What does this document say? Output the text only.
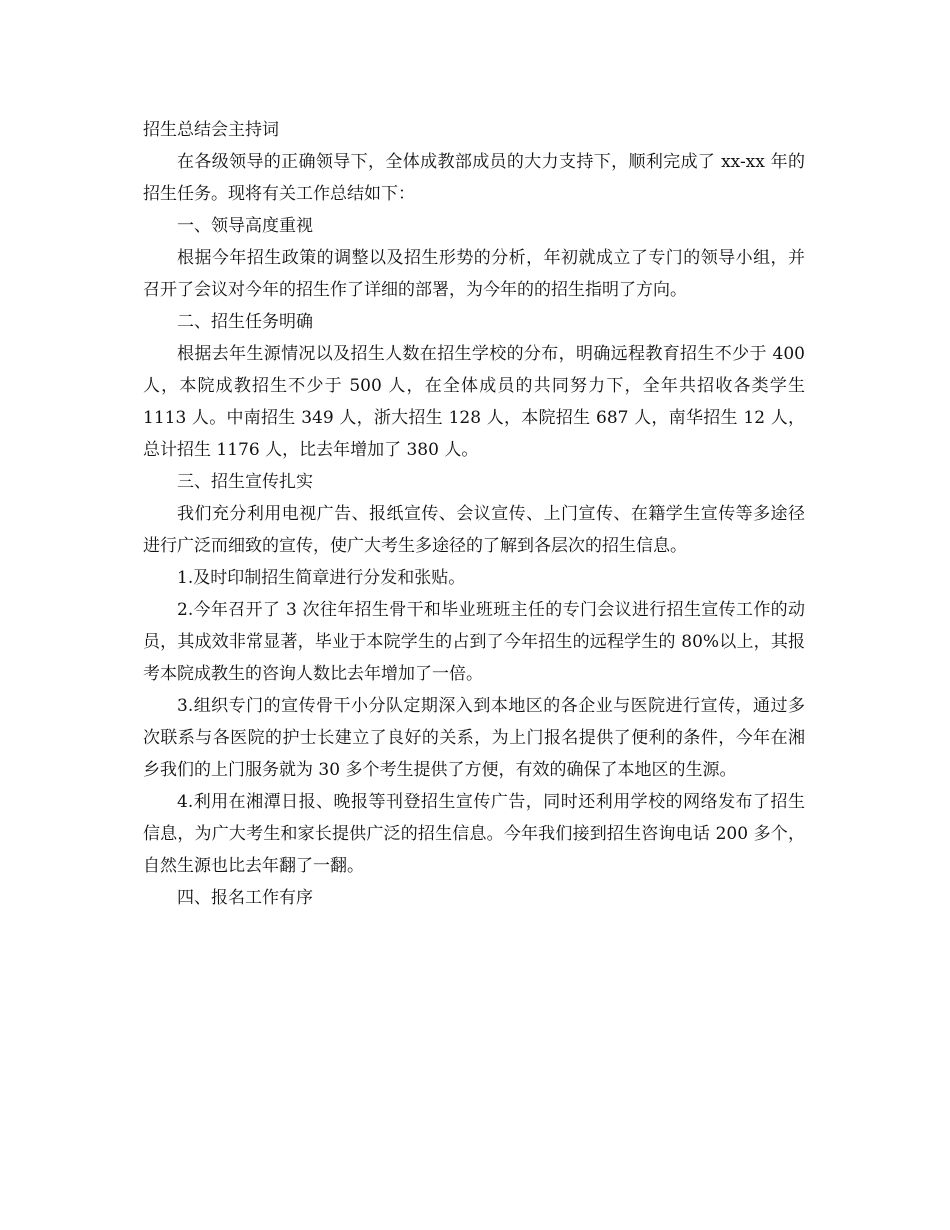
招生总结会主持词

在各级领导的正确领导下，全体成教部成员的大力支持下，顺利完成了 xx-xx 年的招生任务。现将有关工作总结如下：

一、领导高度重视

根据今年招生政策的调整以及招生形势的分析，年初就成立了专门的领导小组，并召开了会议对今年的招生作了详细的部署，为今年的的招生指明了方向。

二、招生任务明确

根据去年生源情况以及招生人数在招生学校的分布，明确远程教育招生不少于 400 人，本院成教招生不少于 500 人，在全体成员的共同努力下，全年共招收各类学生 1113 人。中南招生 349 人，浙大招生 128 人，本院招生 687 人，南华招生 12 人，总计招生 1176 人，比去年增加了 380 人。

三、招生宣传扎实

我们充分利用电视广告、报纸宣传、会议宣传、上门宣传、在籍学生宣传等多途径进行广泛而细致的宣传，使广大考生多途径的了解到各层次的招生信息。

1.及时印制招生简章进行分发和张贴。

2.今年召开了 3 次往年招生骨干和毕业班班主任的专门会议进行招生宣传工作的动员，其成效非常显著，毕业于本院学生的占到了今年招生的远程学生的 80%以上，其报考本院成教生的咨询人数比去年增加了一倍。

3.组织专门的宣传骨干小分队定期深入到本地区的各企业与医院进行宣传，通过多次联系与各医院的护士长建立了良好的关系，为上门报名提供了便利的条件，今年在湘乡我们的上门服务就为 30 多个考生提供了方便，有效的确保了本地区的生源。

4.利用在湘潭日报、晚报等刊登招生宣传广告，同时还利用学校的网络发布了招生信息，为广大考生和家长提供广泛的招生信息。今年我们接到招生咨询电话 200 多个，自然生源也比去年翻了一翻。

四、报名工作有序
